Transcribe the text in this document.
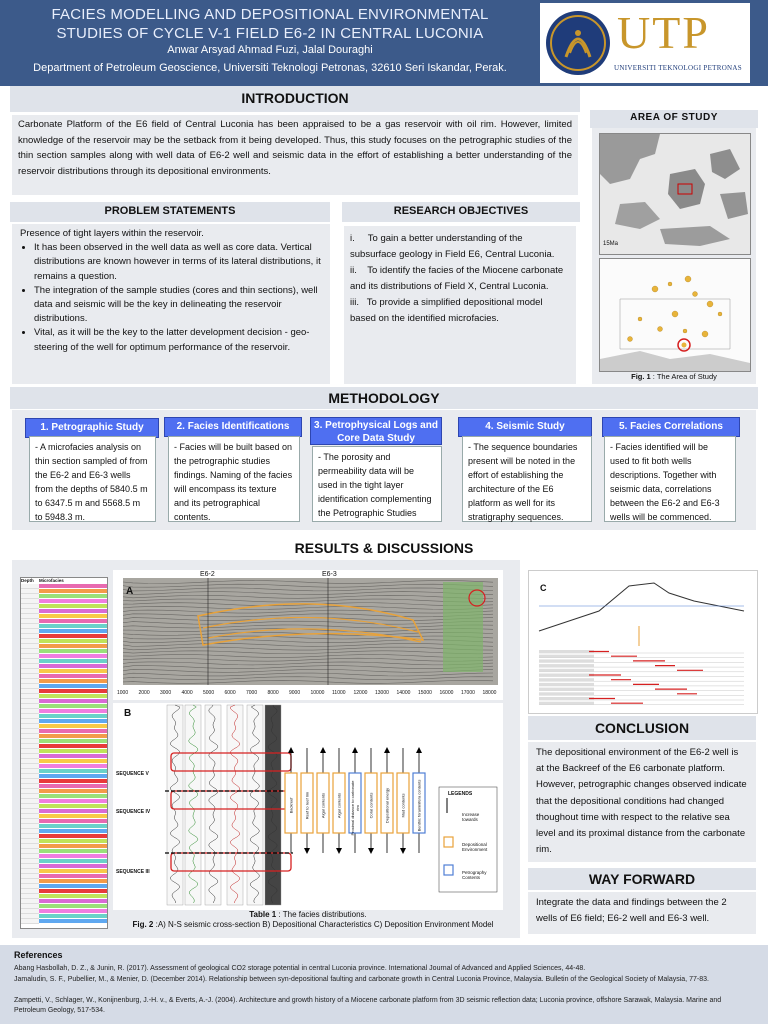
FACIES MODELLING AND DEPOSITIONAL ENVIRONMENTAL
STUDIES OF CYCLE V-1 FIELD E6-2 IN CENTRAL LUCONIA
Anwar Arsyad Ahmad Fuzi, Jalal Douraghi
Department of Petroleum Geoscience, Universiti Teknologi Petronas, 32610 Seri Iskandar, Perak.
UTP
UNIVERSITI TEKNOLOGI PETRONAS
INTRODUCTION
Carbonate Platform of the E6 field of Central Luconia has been appraised to be a gas reservoir with oil rim. However, limited knowledge of the reservoir may be the setback from it being developed. Thus, this study focuses on the petrographic studies of the thin section samples along with well data of E6-2 well and seismic data in the effort of establishing a better understanding of the reservoir distributions through its depositional environments.
AREA OF STUDY
15Ma
Fig. 1 : The Area of Study
PROBLEM STATEMENTS
Presence of tight layers within the reservoir.
• It has been observed in the well data as well as core data. Vertical distributions are known however in terms of its lateral distributions, it remains a question.
• The integration of the sample studies (cores and thin sections), well data and seismic will be the key in delineating the reservoir distributions.
• Vital, as it will be the key to the latter development decision - geo-steering of the well for optimum performance of the reservoir.
RESEARCH OBJECTIVES
i.     To gain a better understanding of the subsurface geology in Field E6, Central Luconia.
ii.    To identify the facies of the Miocene carbonate and its distributions of Field X, Central Luconia.
iii.   To provide a simplified depositional model based on the identified microfacies.
METHODOLOGY
1. Petrographic Study
- A microfacies analysis on thin section sampled of from the E6-2 and E6-3 wells from the depths of 5840.5 m to 6347.5 m and 5568.5 m to 5948.3 m.
2. Facies Identifications
- Facies will be built based on the petrographic studies findings. Naming of the facies will encompass its texture and its petrographical contents.
3. Petrophysical Logs and Core Data Study
- The porosity and permeability data will be used in the tight layer identification complementing the Petrographic Studies
4. Seismic Study
- The sequence boundaries present will be noted in the effort of establishing the architecture of the E6 platform as well for its stratigraphy sequences.
5. Facies Correlations
- Facies identified will be used to fit both wells descriptions. Together with seismic data, correlations between the E6-2 and E6-3 wells will be commenced.
RESULTS & DISCUSSIONS
Depth	Microfacies
A
E6-2	E6-3
1000 2000 3000 4000 5000 6000 7000 8000 9000 10000 11000 12000 13000 14000 15000 16000 17000 18000
B
SEQUENCE V
SEQUENCE IV
SEQUENCE III
LEGENDS
Increase towards
Depositional Environment
Petrography Contents
Backreef	Reef to reef rim	Algal contents	Algal contents Proximal distance to carbonate rim Coral contents	Depositional energy	Mud contents	Benthic foraminifera contents
Table 1 : The facies distributions.
Fig. 2 :A) N-S seismic cross-section B) Depositional Characteristics C) Deposition Environment Model
C
CONCLUSION
The depositional environment of the E6-2 well is at the Backreef of the E6 carbonate platform. However, petrographic changes observed indicate that the depositional conditions had changed thoughout time with respect to the relative sea level and its proximal distance from the carbonate rim.
WAY FORWARD
Integrate the data and findings between the 2 wells of E6 field; E6-2 well and E6-3 well.
References
Abang Hasbollah, D. Z., & Junin, R. (2017). Assessment of geological CO2 storage potential in central Luconia province. International Journal of Advanced and Applied Sciences, 44-48.
Jamaludin, S. F., Pubellier, M., & Menier, D. (December 2014). Relationship between syn-depositional faulting and carbonate growth in Central Luconia Province, Malaysia. Bulletin of the Geological Society of Malaysia, 77-83.
Zampetti, V., Schlager, W., Konijnenburg, J.-H. v., & Everts, A.-J. (2004). Architecture and growth history of a Miocene carbonate platform from 3D seismic reflection data; Luconia province, offshore Sarawak, Malaysia. Marine and Petroleum Geology, 517-534.
